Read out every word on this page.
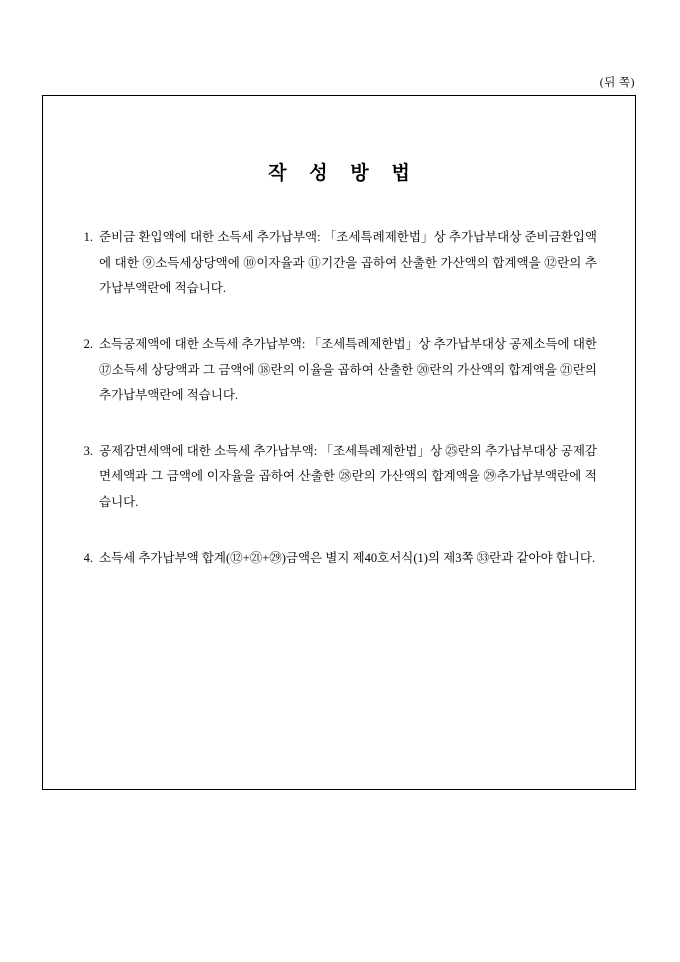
(뒤 쪽)
작 성 방 법
1. 준비금 환입액에 대한 소득세 추가납부액: 「조세특례제한법」상 추가납부대상 준비금환입액에 대한 ⑨소득세상당액에 ⑩이자율과 ⑪기간을 곱하여 산출한 가산액의 합계액을 ⑫란의 추가납부액란에 적습니다.
2. 소득공제액에 대한 소득세 추가납부액: 「조세특례제한법」상 추가납부대상 공제소득에 대한 ⑰소득세 상당액과 그 금액에 ⑱란의 이율을 곱하여 산출한 ⑳란의 가산액의 합계액을 ㉑란의 추가납부액란에 적습니다.
3. 공제감면세액에 대한 소득세 추가납부액: 「조세특례제한법」상 ㉕란의 추가납부대상 공제감면세액과 그 금액에 이자율을 곱하여 산출한 ㉘란의 가산액의 합계액을 ㉙추가납부액란에 적습니다.
4. 소득세 추가납부액 합계(⑫+㉑+㉙)금액은 별지 제40호서식(1)의 제3쪽 ㉝란과 같아야 합니다.
